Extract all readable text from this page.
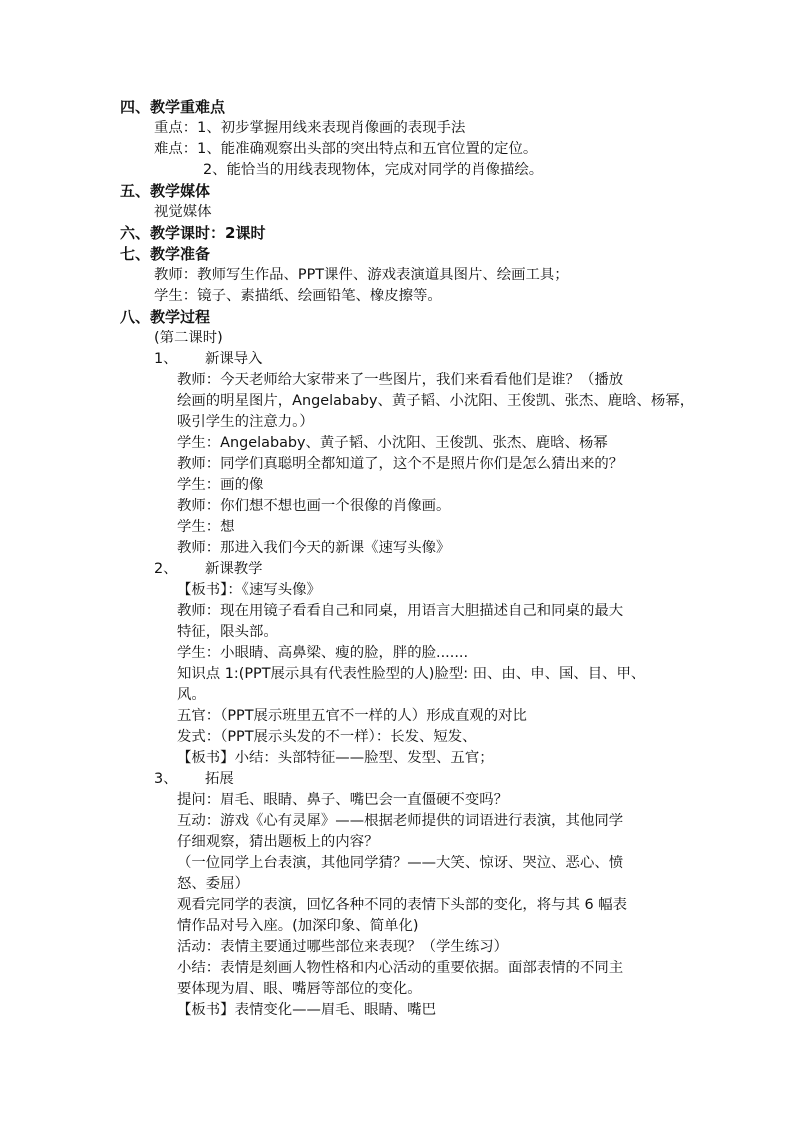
四、教学重难点
重点：1、初步掌握用线来表现肖像画的表现手法
难点：1、能准确观察出头部的突出特点和五官位置的定位。
2、能恰当的用线表现物体，完成对同学的肖像描绘。
五、教学媒体
视觉媒体
六、教学课时：2课时
七、教学准备
教师：教师写生作品、PPT课件、游戏表演道具图片、绘画工具；
学生：镜子、素描纸、绘画铅笔、橡皮擦等。
八、教学过程
(第二课时)
1、 新课导入
教师：今天老师给大家带来了一些图片，我们来看看他们是谁？（播放
绘画的明星图片，Angelababy、黄子韬、小沈阳、王俊凯、张杰、鹿晗、杨幂，
吸引学生的注意力。）
学生：Angelababy、黄子韬、小沈阳、王俊凯、张杰、鹿晗、杨幂
教师：同学们真聪明全都知道了，这个不是照片你们是怎么猜出来的？
学生：画的像
教师：你们想不想也画一个很像的肖像画。
学生：想
教师：那进入我们今天的新课《速写头像》
2、 新课教学
【板书】：《速写头像》
教师：现在用镜子看看自己和同桌，用语言大胆描述自己和同桌的最大
特征，限头部。
学生：小眼睛、高鼻梁、瘦的脸，胖的脸.......
知识点 1:(PPT展示具有代表性脸型的人)脸型: 田、由、申、国、目、甲、
风。
五官：（PPT展示班里五官不一样的人）形成直观的对比
发式：（PPT展示头发的不一样）：长发、短发、
【板书】小结：头部特征——脸型、发型、五官；
3、 拓展
提问：眉毛、眼睛、鼻子、嘴巴会一直僵硬不变吗？
互动：游戏《心有灵犀》——根据老师提供的词语进行表演，其他同学
仔细观察，猜出题板上的内容？
（一位同学上台表演，其他同学猜？——大笑、惊讶、哭泣、恶心、愤
怒、委屈）
观看完同学的表演，回忆各种不同的表情下头部的变化，将与其 6 幅表
情作品对号入座。(加深印象、简单化)
活动：表情主要通过哪些部位来表现？（学生练习）
小结：表情是刻画人物性格和内心活动的重要依据。面部表情的不同主
要体现为眉、眼、嘴唇等部位的变化。
【板书】表情变化——眉毛、眼睛、嘴巴
